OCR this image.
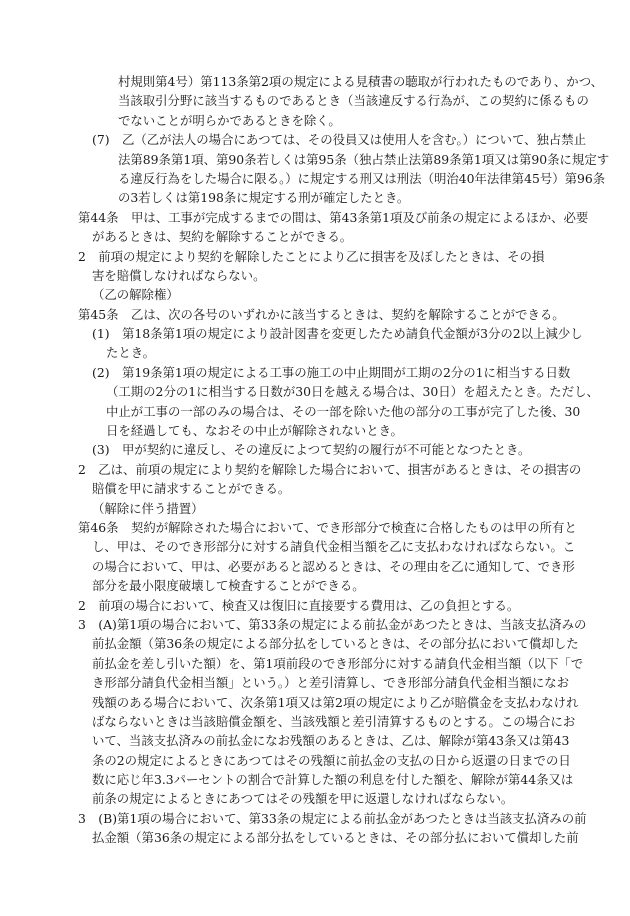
村規則第4号）第113条第2項の規定による見積書の聴取が行われたものであり、かつ、
当該取引分野に該当するものであるとき（当該違反する行為が、この契約に係るもの
でないことが明らかであるときを除く。
(7)　乙（乙が法人の場合にあつては、その役員又は使用人を含む。）について、独占禁止
法第89条第1項、第90条若しくは第95条（独占禁止法第89条第1項又は第90条に規定す
る違反行為をした場合に限る。）に規定する刑又は刑法（明治40年法律第45号）第96条
の3若しくは第198条に規定する刑が確定したとき。
第44条　甲は、工事が完成するまでの間は、第43条第1項及び前条の規定によるほか、必要
があるときは、契約を解除することができる。
2　前項の規定により契約を解除したことにより乙に損害を及ぼしたときは、その損
害を賠償しなければならない。
（乙の解除権）
第45条　乙は、次の各号のいずれかに該当するときは、契約を解除することができる。
(1)　第18条第1項の規定により設計図書を変更したため請負代金額が3分の2以上減少し
たとき。
(2)　第19条第1項の規定による工事の施工の中止期間が工期の2分の1に相当する日数
（工期の2分の1に相当する日数が30日を越える場合は、30日）を超えたとき。ただし、
中止が工事の一部のみの場合は、その一部を除いた他の部分の工事が完了した後、30
日を経過しても、なおその中止が解除されないとき。
(3)　甲が契約に違反し、その違反によつて契約の履行が不可能となつたとき。
2　乙は、前項の規定により契約を解除した場合において、損害があるときは、その損害の
賠償を甲に請求することができる。
（解除に伴う措置）
第46条　契約が解除された場合において、でき形部分で検査に合格したものは甲の所有と
し、甲は、そのでき形部分に対する請負代金相当額を乙に支払わなければならない。こ
の場合において、甲は、必要があると認めるときは、その理由を乙に通知して、でき形
部分を最小限度破壊して検査することができる。
2　前項の場合において、検査又は復旧に直接要する費用は、乙の負担とする。
3　(A)第1項の場合において、第33条の規定による前払金があつたときは、当該支払済みの
前払金額（第36条の規定による部分払をしているときは、その部分払において償却した
前払金を差し引いた額）を、第1項前段のでき形部分に対する請負代金相当額（以下「で
き形部分請負代金相当額」という。）と差引清算し、でき形部分請負代金相当額になお
残額のある場合において、次条第1項又は第2項の規定により乙が賠償金を支払わなけれ
ばならないときは当該賠償金額を、当該残額と差引清算するものとする。この場合にお
いて、当該支払済みの前払金になお残額のあるときは、乙は、解除が第43条又は第43
条の2の規定によるときにあつてはその残額に前払金の支払の日から返還の日までの日
数に応じ年3.3パーセントの割合で計算した額の利息を付した額を、解除が第44条又は
前条の規定によるときにあつてはその残額を甲に返還しなければならない。
3　(B)第1項の場合において、第33条の規定による前払金があつたときは当該支払済みの前
払金額（第36条の規定による部分払をしているときは、その部分払において償却した前
